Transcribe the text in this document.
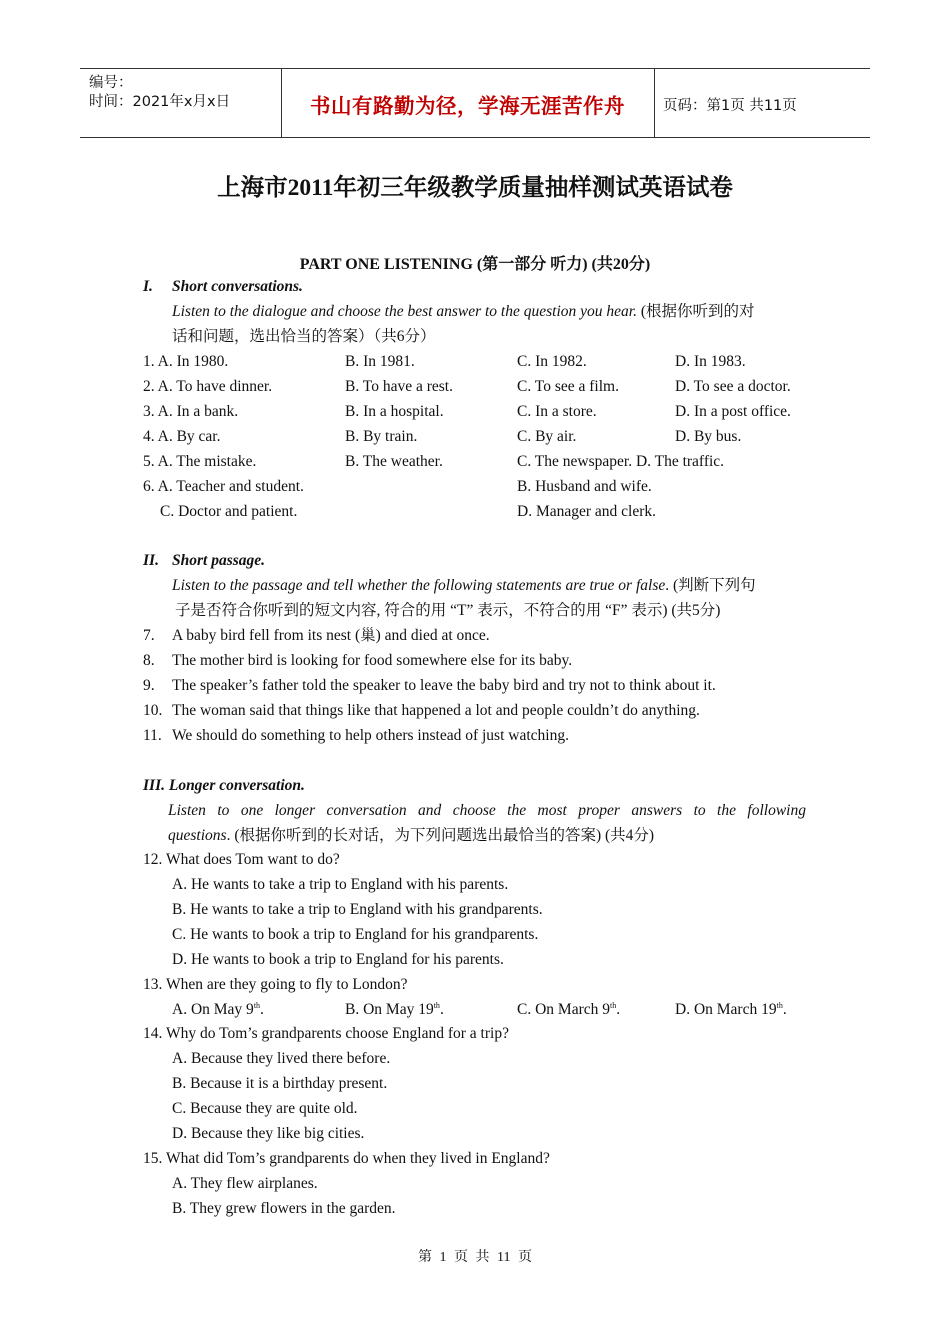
编号：
时间：2021年x月x日	书山有路勤为径，学海无涯苦作舟	页码：第1页 共11页
上海市2011年初三年级教学质量抽样测试英语试卷
PART ONE LISTENING (第一部分 听力) (共20分)
I. Short conversations.
Listen to the dialogue and choose the best answer to the question you hear. (根据你听到的对
话和问题，选出恰当的答案）（共6分）
1. A. In 1980.	B. In 1981.	C. In 1982.	D. In 1983.
2. A. To have dinner.	B. To have a rest.	C. To see a film.	D. To see a doctor.
3. A. In a bank.	B. In a hospital.	C. In a store.	D. In a post office.
4. A. By car.	B. By train.	C. By air.	D. By bus.
5. A. The mistake.	B. The weather.	C. The newspaper. D. The traffic.
6. A. Teacher and student.	B. Husband and wife.
C. Doctor and patient.	D. Manager and clerk.
II. Short passage.
Listen to the passage and tell whether the following statements are true or false. (判断下列句
子是否符合你听到的短文内容, 符合的用 “T” 表示，不符合的用 “F” 表示) (共5分)
7. A baby bird fell from its nest (巢) and died at once.
8. The mother bird is looking for food somewhere else for its baby.
9. The speaker’s father told the speaker to leave the baby bird and try not to think about it.
10. The woman said that things like that happened a lot and people couldn’t do anything.
11. We should do something to help others instead of just watching.
III. Longer conversation.
Listen to one longer conversation and choose the most proper answers to the following
questions. (根据你听到的长对话，为下列问题选出最恰当的答案) (共4分)
12. What does Tom want to do?
A. He wants to take a trip to England with his parents.
B. He wants to take a trip to England with his grandparents.
C. He wants to book a trip to England for his grandparents.
D. He wants to book a trip to England for his parents.
13. When are they going to fly to London?
A. On May 9th.	B. On May 19th.	C. On March 9th.	D. On March 19th.
14. Why do Tom’s grandparents choose England for a trip?
A. Because they lived there before.
B. Because it is a birthday present.
C. Because they are quite old.
D. Because they like big cities.
15. What did Tom’s grandparents do when they lived in England?
A. They flew airplanes.
B. They grew flowers in the garden.
第 1 页 共 11 页
